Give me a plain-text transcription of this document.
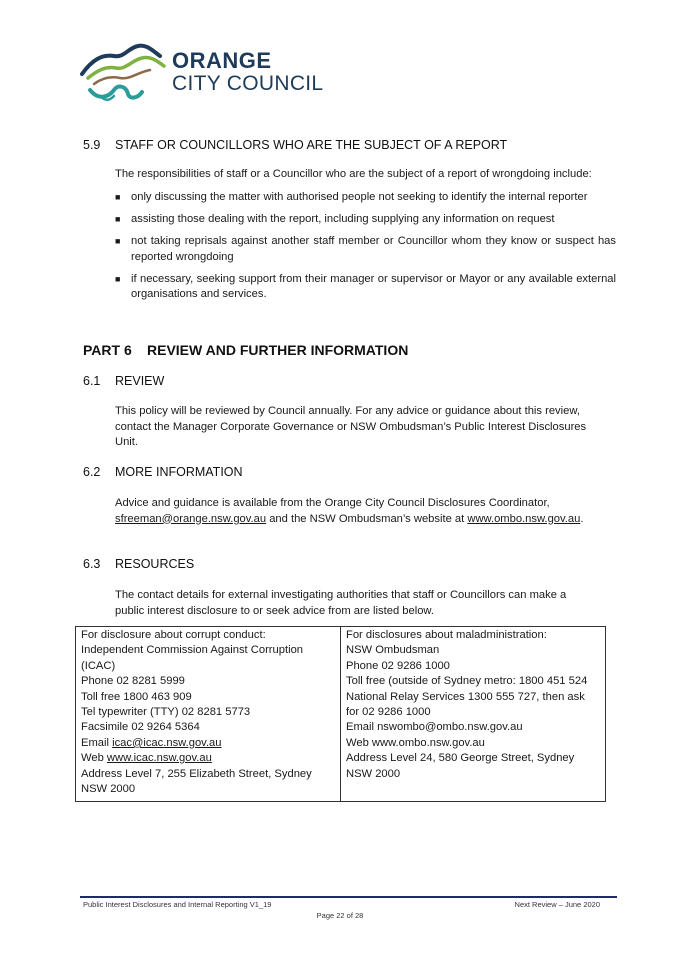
ORANGE
CITY COUNCIL
5.9 STAFF OR COUNCILLORS WHO ARE THE SUBJECT OF A REPORT
The responsibilities of staff or a Councillor who are the subject of a report of wrongdoing include:
■ only discussing the matter with authorised people not seeking to identify the internal reporter
■ assisting those dealing with the report, including supplying any information on request
■ not taking reprisals against another staff member or Councillor whom they know or suspect has reported wrongdoing
■ if necessary, seeking support from their manager or supervisor or Mayor or any available external organisations and services.
PART 6 REVIEW AND FURTHER INFORMATION
6.1 REVIEW
This policy will be reviewed by Council annually. For any advice or guidance about this review, contact the Manager Corporate Governance or NSW Ombudsman’s Public Interest Disclosures Unit.
6.2 MORE INFORMATION
Advice and guidance is available from the Orange City Council Disclosures Coordinator,
sfreeman@orange.nsw.gov.au and the NSW Ombudsman’s website at www.ombo.nsw.gov.au.
6.3 RESOURCES
The contact details for external investigating authorities that staff or Councillors can make a public interest disclosure to or seek advice from are listed below.
For disclosure about corrupt conduct:
Independent Commission Against Corruption (ICAC)
Phone 02 8281 5999
Toll free 1800 463 909
Tel typewriter (TTY) 02 8281 5773
Facsimile 02 9264 5364
Email icac@icac.nsw.gov.au
Web www.icac.nsw.gov.au
Address Level 7, 255 Elizabeth Street, Sydney NSW 2000

For disclosures about maladministration:
NSW Ombudsman
Phone 02 9286 1000
Toll free (outside of Sydney metro: 1800 451 524
National Relay Services 1300 555 727, then ask for 02 9286 1000
Email nswombo@ombo.nsw.gov.au
Web www.ombo.nsw.gov.au
Address Level 24, 580 George Street, Sydney NSW 2000
Public Interest Disclosures and Internal Reporting V1_19	Next Review – June 2020
Page 22 of 28
